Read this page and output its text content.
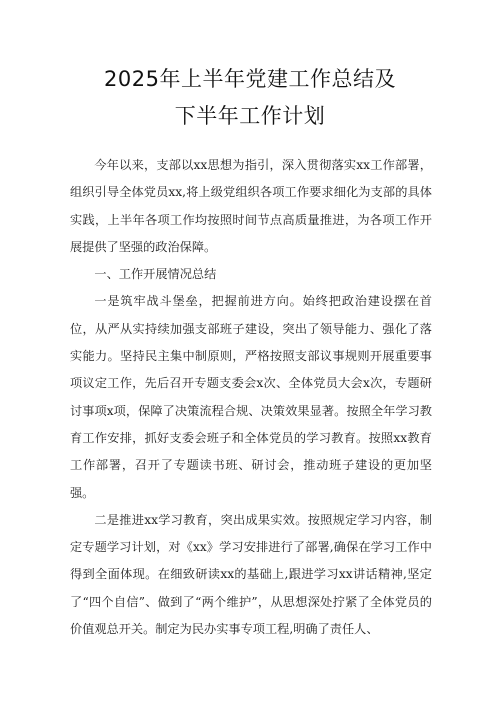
2025年上半年党建工作总结及
下半年工作计划

今年以来，支部以xx思想为指引，深入贯彻落实xx工作部署，组织引导全体党员xx,将上级党组织各项工作要求细化为支部的具体实践，上半年各项工作均按照时间节点高质量推进，为各项工作开展提供了坚强的政治保障。

一、工作开展情况总结

一是筑牢战斗堡垒，把握前进方向。始终把政治建设摆在首位，从严从实持续加强支部班子建设，突出了领导能力、强化了落实能力。坚持民主集中制原则，严格按照支部议事规则开展重要事项议定工作，先后召开专题支委会x次、全体党员大会x次，专题研讨事项x项，保障了决策流程合规、决策效果显著。按照全年学习教育工作安排，抓好支委会班子和全体党员的学习教育。按照xx教育工作部署，召开了专题读书班、研讨会，推动班子建设的更加坚强。

二是推进xx学习教育，突出成果实效。按照规定学习内容，制定专题学习计划，对《xx》学习安排进行了部署,确保在学习工作中得到全面体现。在细致研读xx的基础上,跟进学习xx讲话精神,坚定了“四个自信”、做到了“两个维护”，从思想深处拧紧了全体党员的价值观总开关。制定为民办实事专项工程,明确了责任人、
